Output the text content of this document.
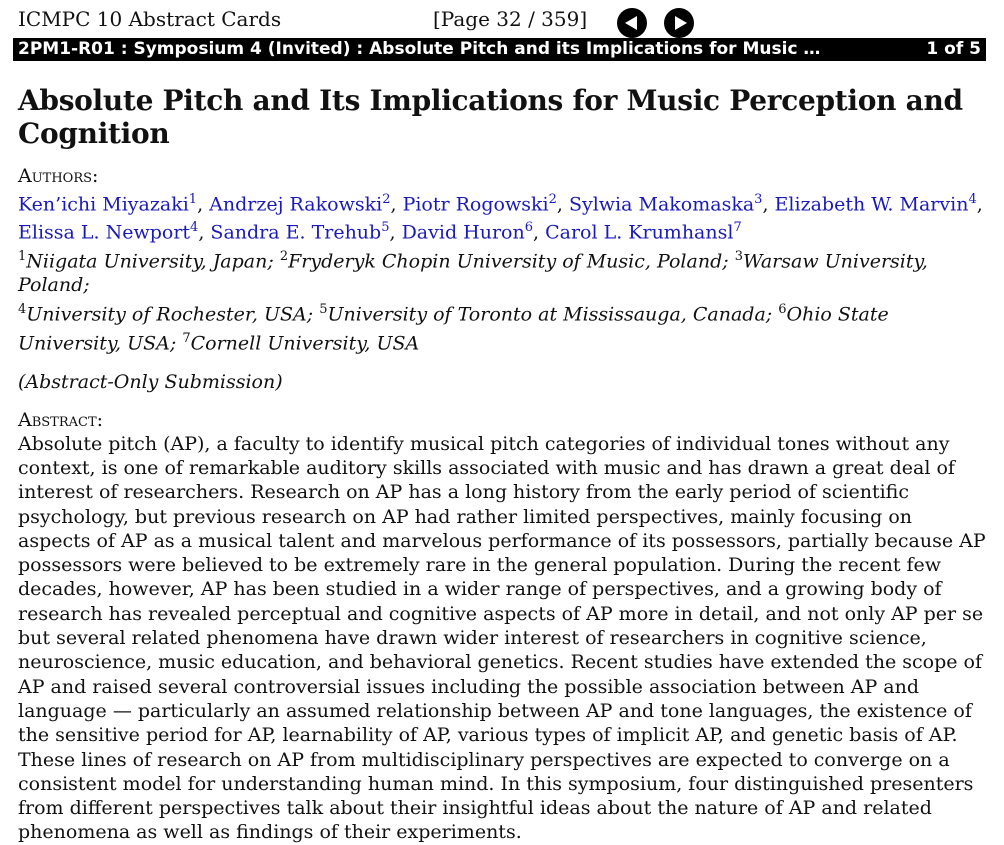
ICMPC 10 Abstract Cards	[Page 32 / 359]
2PM1-R01 : Symposium 4 (Invited) : Absolute Pitch and its Implications for Music …	1 of 5
Absolute Pitch and Its Implications for Music Perception and Cognition
Authors:
Ken’ichi Miyazaki$^1$, Andrzej Rakowski$^2$, Piotr Rogowski$^2$, Sylwia Makomaska$^3$, Elizabeth W. Marvin$^4$,
Elissa L. Newport$^4$, Sandra E. Trehub$^5$, David Huron$^6$, Carol L. Krumhansl$^7$
$^1$Niigata University, Japan; $^2$Fryderyk Chopin University of Music, Poland; $^3$Warsaw University, Poland;
$^4$University of Rochester, USA; $^5$University of Toronto at Mississauga, Canada; $^6$Ohio State University, USA; $^7$Cornell University, USA
(Abstract-Only Submission)
Abstract:

Absolute pitch (AP), a faculty to identify musical pitch categories of individual tones without any context, is one of remarkable auditory skills associated with music and has drawn a great deal of interest of researchers. Research on AP has a long history from the early period of scientific psychology, but previous research on AP had rather limited perspectives, mainly focusing on aspects of AP as a musical talent and marvelous performance of its possessors, partially because AP possessors were believed to be extremely rare in the general population. During the recent few decades, however, AP has been studied in a wider range of perspectives, and a growing body of research has revealed perceptual and cognitive aspects of AP more in detail, and not only AP per se but several related phenomena have drawn wider interest of researchers in cognitive science, neuroscience, music education, and behavioral genetics. Recent studies have extended the scope of AP and raised several controversial issues including the possible association between AP and language — particularly an assumed relationship between AP and tone languages, the existence of the sensitive period for AP, learnability of AP, various types of implicit AP, and genetic basis of AP. These lines of research on AP from multidisciplinary perspectives are expected to converge on a consistent model for understanding human mind. In this symposium, four distinguished presenters from different perspectives talk about their insightful ideas about the nature of AP and related phenomena as well as findings of their experiments.
